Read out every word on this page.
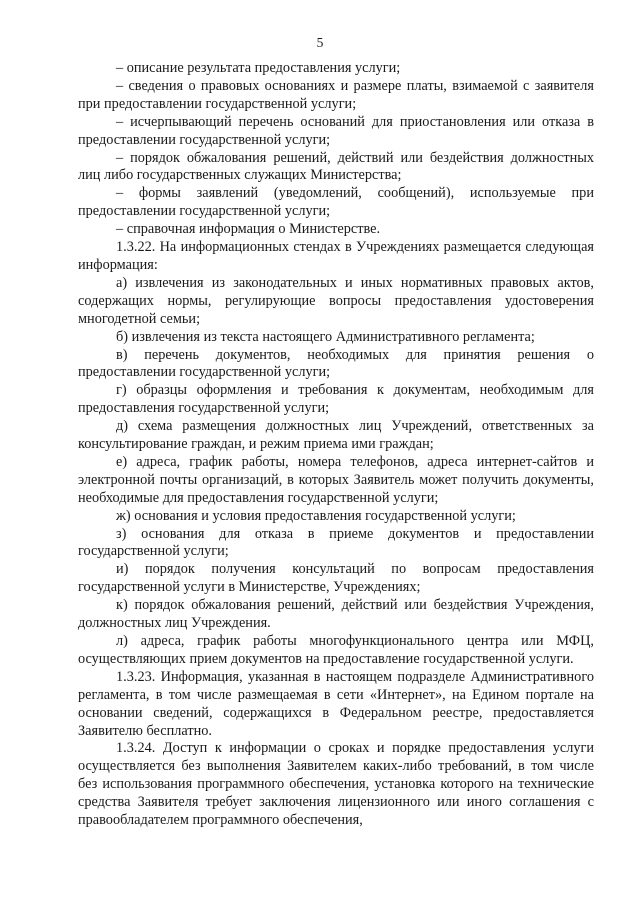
5

– описание результата предоставления услуги;

– сведения о правовых основаниях и размере платы, взимаемой с заявителя при предоставлении государственной услуги;

– исчерпывающий перечень оснований для приостановления или отказа в предоставлении государственной услуги;

– порядок обжалования решений, действий или бездействия должностных лиц либо государственных служащих Министерства;

– формы заявлений (уведомлений, сообщений), используемые при предоставлении государственной услуги;

– справочная информация о Министерстве.

1.3.22. На информационных стендах в Учреждениях размещается следующая информация:

а) извлечения из законодательных и иных нормативных правовых актов, содержащих нормы, регулирующие вопросы предоставления удостоверения многодетной семьи;

б) извлечения из текста настоящего Административного регламента;

в) перечень документов, необходимых для принятия решения о предоставлении государственной услуги;

г) образцы оформления и требования к документам, необходимым для предоставления государственной услуги;

д) схема размещения должностных лиц Учреждений, ответственных за консультирование граждан, и режим приема ими граждан;

е) адреса, график работы, номера телефонов, адреса интернет-сайтов и электронной почты организаций, в которых Заявитель может получить документы, необходимые для предоставления государственной услуги;

ж) основания и условия предоставления государственной услуги;

з) основания для отказа в приеме документов и предоставлении государственной услуги;

и) порядок получения консультаций по вопросам предоставления государственной услуги в Министерстве, Учреждениях;

к) порядок обжалования решений, действий или бездействия Учреждения, должностных лиц Учреждения.

л) адреса, график работы многофункционального центра или МФЦ, осуществляющих прием документов на предоставление государственной услуги.

1.3.23. Информация, указанная в настоящем подразделе Административного регламента, в том числе размещаемая в сети «Интернет», на Едином портале на основании сведений, содержащихся в Федеральном реестре, предоставляется Заявителю бесплатно.

1.3.24. Доступ к информации о сроках и порядке предоставления услуги осуществляется без выполнения Заявителем каких-либо требований, в том числе без использования программного обеспечения, установка которого на технические средства Заявителя требует заключения лицензионного или иного соглашения с правообладателем программного обеспечения,
